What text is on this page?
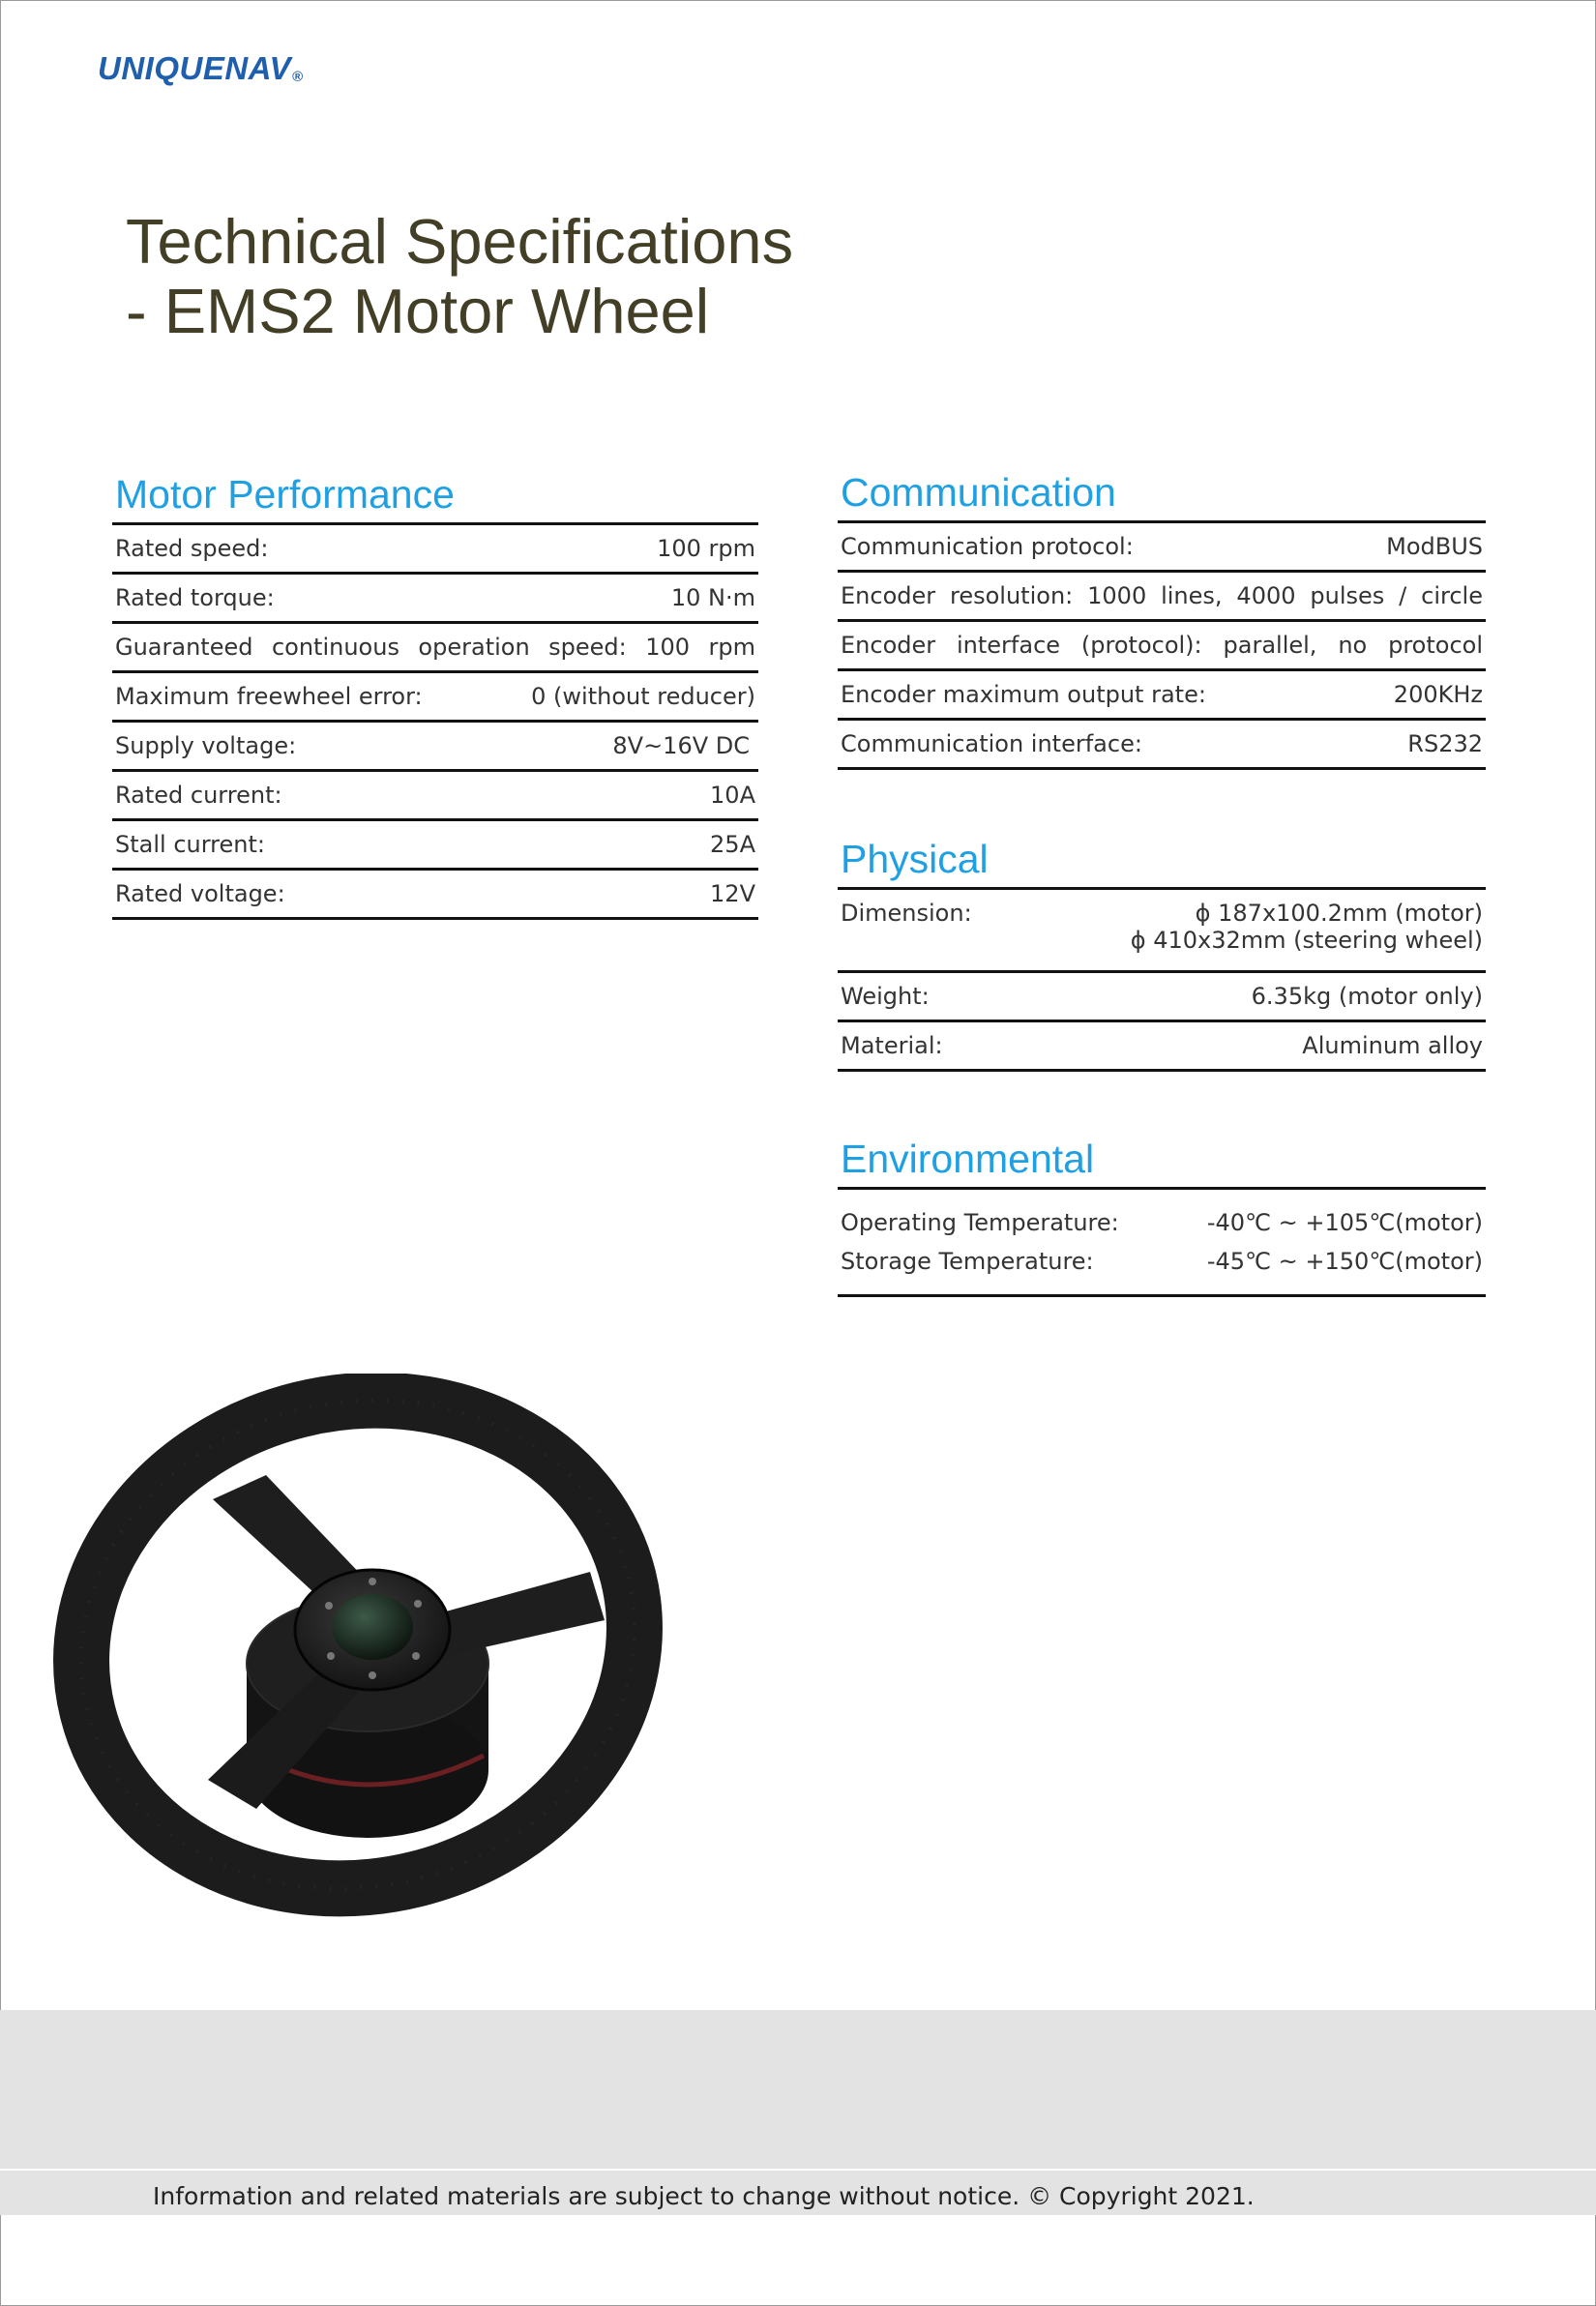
UNIQUENAV®
Technical Specifications
- EMS2 Motor Wheel
Motor Performance
Rated speed:	100 rpm
Rated torque:	10 N·m
Guaranteed continuous operation speed: 100 rpm
Maximum freewheel error:	0 (without reducer)
Supply voltage:	8V~16V DC
Rated current:	10A
Stall current:	25A
Rated voltage:	12V
Communication
Communication protocol:	ModBUS
Encoder resolution: 1000 lines, 4000 pulses / circle
Encoder interface (protocol): parallel, no protocol
Encoder maximum output rate:	200KHz
Communication interface:	RS232
Physical
Dimension:	ϕ 187x100.2mm (motor)
ϕ 410x32mm (steering wheel)
Weight:	6.35kg (motor only)
Material:	Aluminum alloy
Environmental
Operating Temperature:	-40℃ ~ +105℃(motor)
Storage Temperature:	-45℃ ~ +150℃(motor)
Information and related materials are subject to change without notice. © Copyright 2021.
